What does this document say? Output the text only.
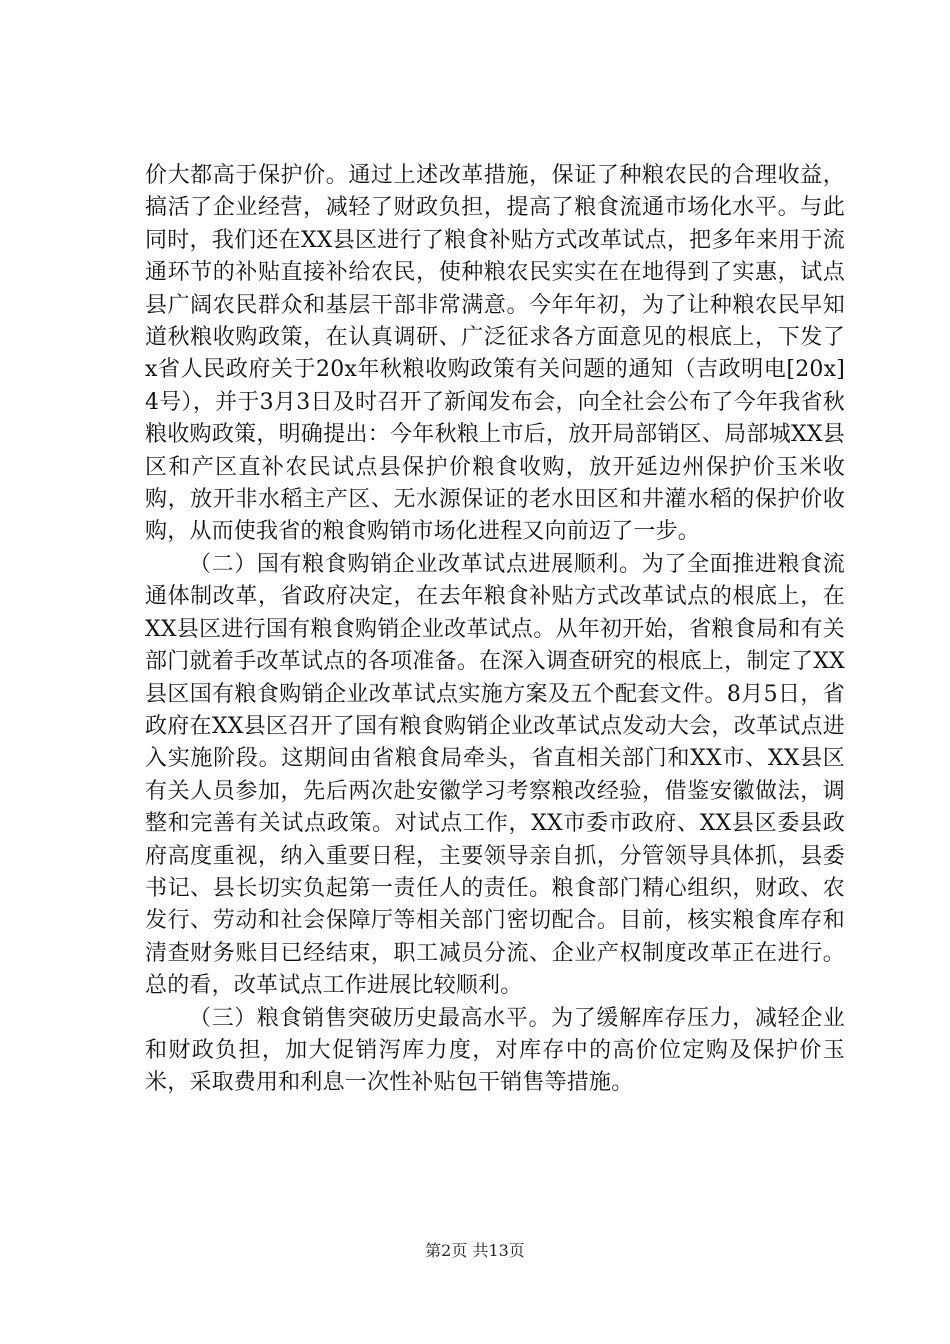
价大都高于保护价。通过上述改革措施，保证了种粮农民的合理收益，搞活了企业经营，减轻了财政负担，提高了粮食流通市场化水平。与此同时，我们还在XX县区进行了粮食补贴方式改革试点，把多年来用于流通环节的补贴直接补给农民，使种粮农民实实在在地得到了实惠，试点县广阔农民群众和基层干部非常满意。今年年初，为了让种粮农民早知道秋粮收购政策，在认真调研、广泛征求各方面意见的根底上，下发了x省人民政府关于20x年秋粮收购政策有关问题的通知（吉政明电[20x]4号），并于3月3日及时召开了新闻发布会，向全社会公布了今年我省秋粮收购政策，明确提出：今年秋粮上市后，放开局部销区、局部城XX县区和产区直补农民试点县保护价粮食收购，放开延边州保护价玉米收购，放开非水稻主产区、无水源保证的老水田区和井灌水稻的保护价收购，从而使我省的粮食购销市场化进程又向前迈了一步。

（二）国有粮食购销企业改革试点进展顺利。为了全面推进粮食流通体制改革，省政府决定，在去年粮食补贴方式改革试点的根底上，在XX县区进行国有粮食购销企业改革试点。从年初开始，省粮食局和有关部门就着手改革试点的各项准备。在深入调查研究的根底上，制定了XX县区国有粮食购销企业改革试点实施方案及五个配套文件。8月5日，省政府在XX县区召开了国有粮食购销企业改革试点发动大会，改革试点进入实施阶段。这期间由省粮食局牵头，省直相关部门和XX市、XX县区有关人员参加，先后两次赴安徽学习考察粮改经验，借鉴安徽做法，调整和完善有关试点政策。对试点工作，XX市委市政府、XX县区委县政府高度重视，纳入重要日程，主要领导亲自抓，分管领导具体抓，县委书记、县长切实负起第一责任人的责任。粮食部门精心组织，财政、农发行、劳动和社会保障厅等相关部门密切配合。目前，核实粮食库存和清查财务账目已经结束，职工减员分流、企业产权制度改革正在进行。总的看，改革试点工作进展比较顺利。

（三）粮食销售突破历史最高水平。为了缓解库存压力，减轻企业和财政负担，加大促销泻库力度，对库存中的高价位定购及保护价玉米，采取费用和利息一次性补贴包干销售等措施。

第2页 共13页
